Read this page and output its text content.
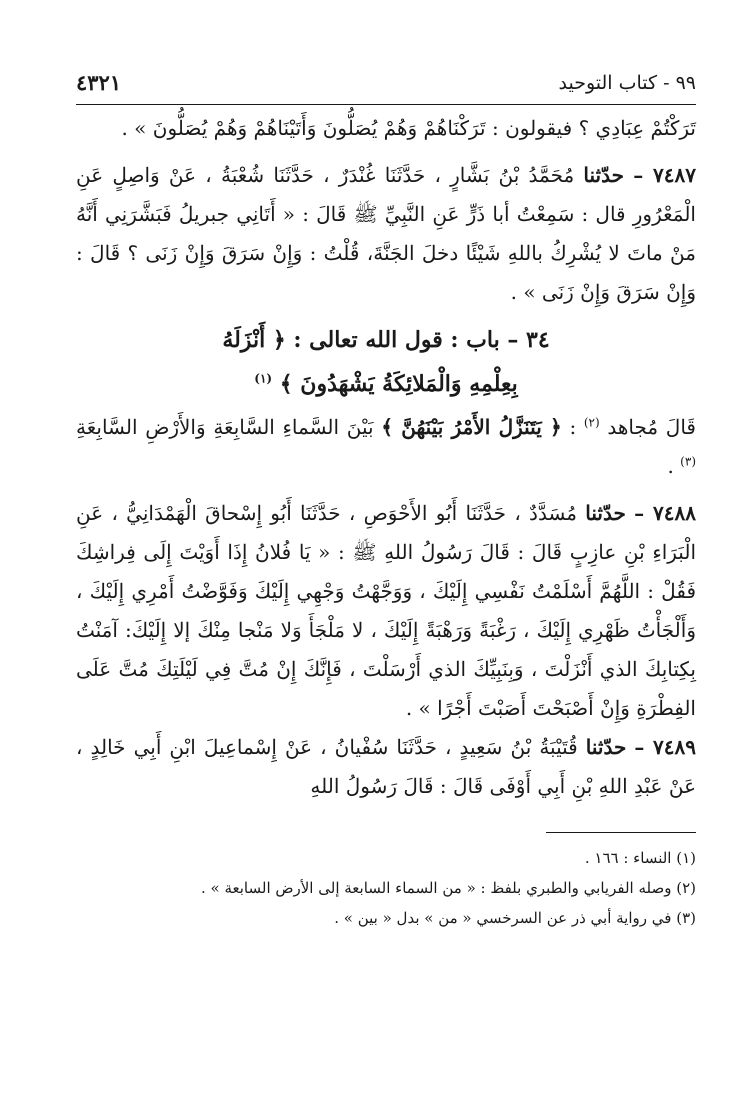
٩٩ - كتاب التوحيد
٤٣٢١

تَرَكْتُمْ عِبَادِي ؟ فيقولون : تَرَكْنَاهُمْ وَهُمْ يُصَلُّونَ وَأَتَيْنَاهُمْ وَهُمْ يُصَلُّونَ » .

٧٤٨٧ – حدّثنا مُحَمَّدُ بْنُ بَشَّارٍ ، حَدَّثَنَا غُنْدَرٌ ، حَدَّثَنَا شُعْبَةُ ، عَنْ وَاصِلٍ عَنِ الْمَعْرُورِ قال : سَمِعْتُ أبا ذَرٍّ عَنِ النَّبِيِّ ﷺ قَالَ : « أَتَانِي جبريلُ فَبَشَّرَنِي أَنَّهُ مَنْ ماتَ لا يُشْرِكُ باللهِ شَيْئًا دخلَ الجَنَّةَ، قُلْتُ : وَإِنْ سَرَقَ وَإِنْ زَنَى ؟ قَالَ : وَإِنْ سَرَقَ وَإِنْ زَنَى » .

٣٤ – باب : قول الله تعالى : ﴿ أَنْزَلَهُ
بِعِلْمِهِ وَالْمَلائِكَةُ يَشْهَدُونَ ﴾ $^{(١)}$

قَالَ مُجاهد $^{(٢)}$ : ﴿ يَتَنَزَّلُ الأَمْرُ بَيْنَهُنَّ ﴾ بَيْنَ السَّماءِ السَّابِعَةِ وَالأَرْضِ السَّابِعَةِ $^{(٣)}$ .

٧٤٨٨ – حدّثنا مُسَدَّدٌ ، حَدَّثَنَا أَبُو الأَحْوَصِ ، حَدَّثَنَا أَبُو إِسْحاقَ الْهَمْدَانِيُّ ، عَنِ الْبَرَاءِ بْنِ عازِبٍ قَالَ : قَالَ رَسُولُ اللهِ ﷺ : « يَا فُلانُ إِذَا أَوَيْتَ إِلَى فِراشِكَ فَقُلْ : اللَّهُمَّ أَسْلَمْتُ نَفْسِي إِلَيْكَ ، وَوَجَّهْتُ وَجْهِي إِلَيْكَ وَفَوَّضْتُ أَمْرِي إِلَيْكَ ، وَأَلْجَأْتُ ظَهْرِي إِلَيْكَ ، رَغْبَةً وَرَهْبَةً إِلَيْكَ ، لا مَلْجَأَ وَلا مَنْجا مِنْكَ إلا إِلَيْكَ: آمَنْتُ بِكِتابِكَ الذي أَنْزَلْتَ ، وَبِنَبِيِّكَ الذي أَرْسَلْتَ ، فَإِنَّكَ إِنْ مُتَّ فِي لَيْلَتِكَ مُتَّ عَلَى الفِطْرَةِ وَإِنْ أَصْبَحْتَ أَصَبْتَ أَجْرًا » .

٧٤٨٩ – حدّثنا قُتَيْبَةُ بْنُ سَعِيدٍ ، حَدَّثَنَا سُفْيانُ ، عَنْ إِسْماعِيلَ ابْنِ أَبِي خَالِدٍ ، عَنْ عَبْدِ اللهِ بْنِ أَبِي أَوْفَى قَالَ : قَالَ رَسُولُ اللهِ

(١) النساء : ١٦٦ .
(٢) وصله الفريابي والطبري بلفظ : « من السماء السابعة إلى الأرض السابعة » .
(٣) في رواية أبي ذر عن السرخسي « من » بدل « بين » .
